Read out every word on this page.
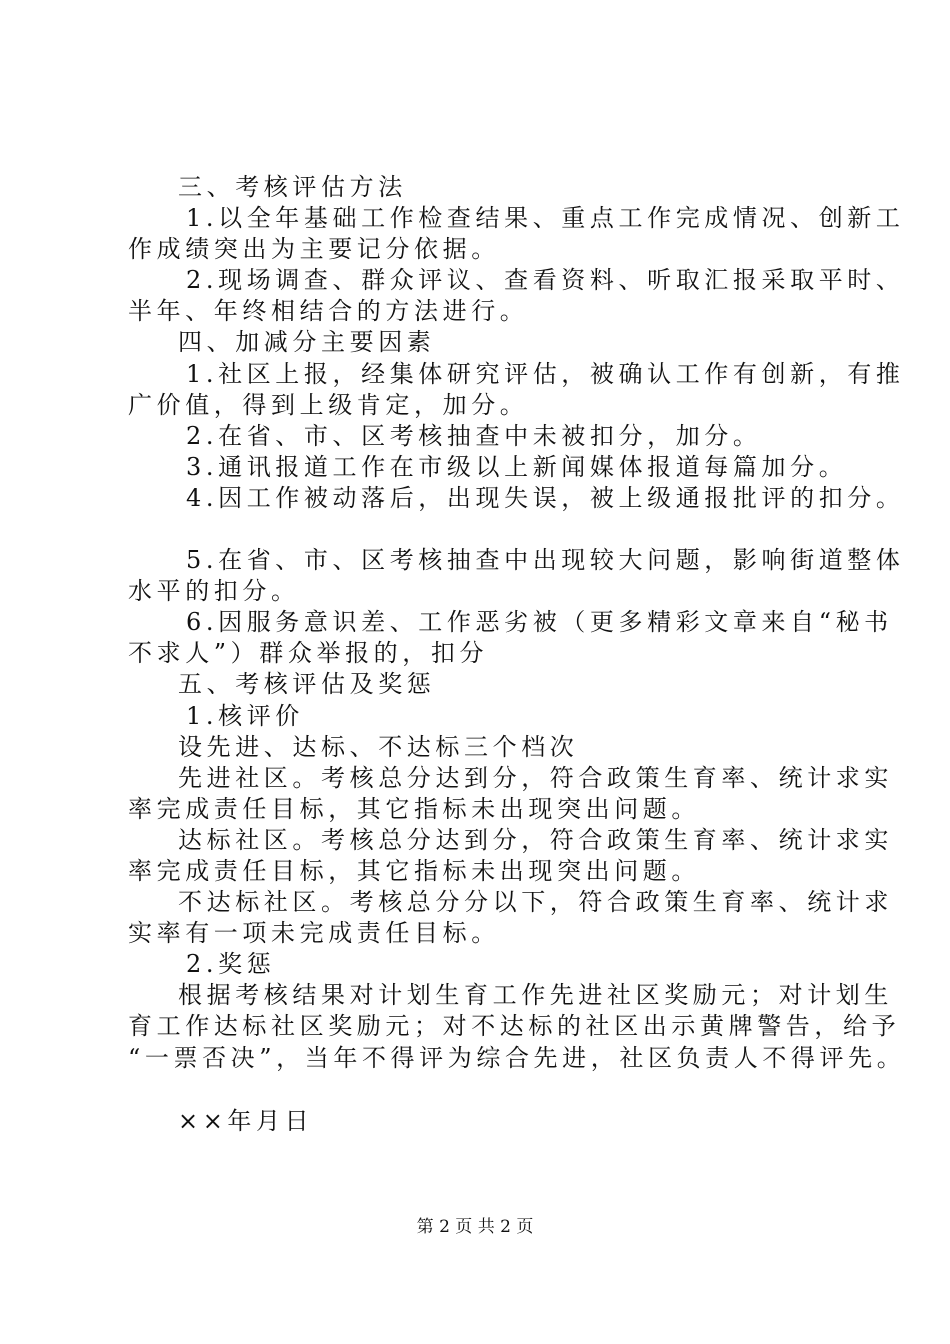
三、考核评估方法
1.以全年基础工作检查结果、重点工作完成情况、创新工
作成绩突出为主要记分依据。
2.现场调查、群众评议、查看资料、听取汇报采取平时、
半年、年终相结合的方法进行。
四、加减分主要因素
1.社区上报，经集体研究评估，被确认工作有创新，有推
广价值，得到上级肯定，加分。
2.在省、市、区考核抽查中未被扣分，加分。
3.通讯报道工作在市级以上新闻媒体报道每篇加分。
4.因工作被动落后，出现失误，被上级通报批评的扣分。
5.在省、市、区考核抽查中出现较大问题，影响街道整体
水平的扣分。
6.因服务意识差、工作恶劣被（更多精彩文章来自“秘书
不求人”）群众举报的，扣分
五、考核评估及奖惩
1.核评价
设先进、达标、不达标三个档次
先进社区。考核总分达到分，符合政策生育率、统计求实
率完成责任目标，其它指标未出现突出问题。
达标社区。考核总分达到分，符合政策生育率、统计求实
率完成责任目标，其它指标未出现突出问题。
不达标社区。考核总分分以下，符合政策生育率、统计求
实率有一项未完成责任目标。
2.奖惩
根据考核结果对计划生育工作先进社区奖励元；对计划生
育工作达标社区奖励元；对不达标的社区出示黄牌警告，给予
“一票否决”，当年不得评为综合先进，社区负责人不得评先。
××年月日
第 2 页 共 2 页
